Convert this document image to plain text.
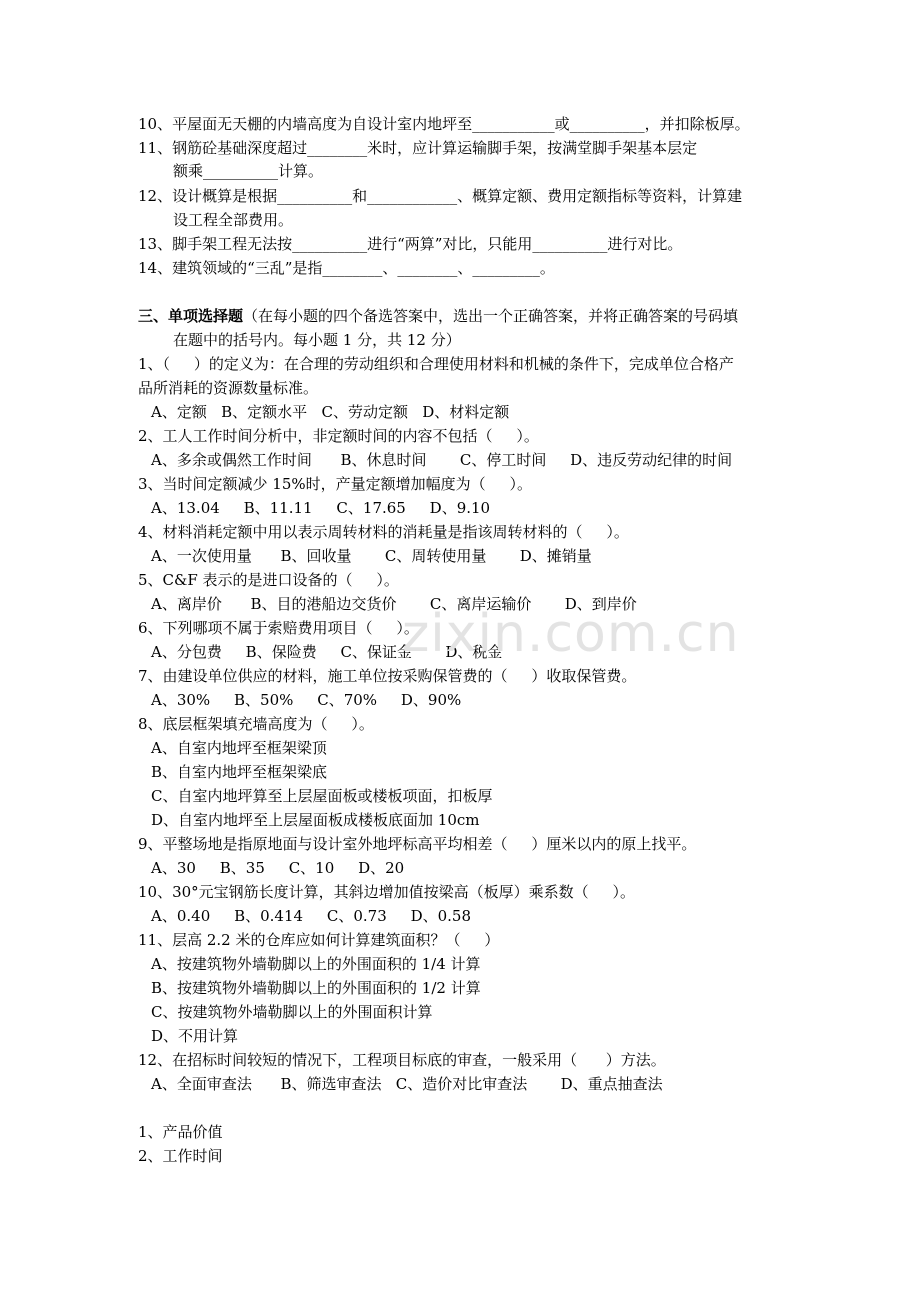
10、平屋面无天棚的内墙高度为自设计室内地坪至___________或__________，并扣除板厚。
11、钢筋砼基础深度超过________米时，应计算运输脚手架，按满堂脚手架基本层定
额乘__________计算。
12、设计概算是根据__________和____________、概算定额、费用定额指标等资料，计算建
设工程全部费用。
13、脚手架工程无法按__________进行“两算”对比，只能用__________进行对比。
14、建筑领域的“三乱”是指________、________、_________。
三、单项选择题（在每小题的四个备选答案中，选出一个正确答案，并将正确答案的号码填
在题中的括号内。每小题 1 分，共 12 分）
1、（     ）的定义为：在合理的劳动组织和合理使用材料和机械的条件下，完成单位合格产
品所消耗的资源数量标准。
A、定额   B、定额水平   C、劳动定额   D、材料定额
2、工人工作时间分析中，非定额时间的内容不包括（     ）。
A、多余或偶然工作时间      B、休息时间       C、停工时间     D、违反劳动纪律的时间
3、当时间定额减少 15%时，产量定额增加幅度为（     ）。
A、13.04     B、11.11     C、17.65     D、9.10
4、材料消耗定额中用以表示周转材料的消耗量是指该周转材料的（     ）。
A、一次使用量      B、回收量       C、周转使用量       D、摊销量
5、C&F 表示的是进口设备的（     ）。
A、离岸价      B、目的港船边交货价       C、离岸运输价       D、到岸价
6、下列哪项不属于索赔费用项目（     ）。
A、分包费     B、保险费     C、保证金       D、税金
7、由建设单位供应的材料，施工单位按采购保管费的（     ）收取保管费。
A、30%     B、50%     C、70%     D、90%
8、底层框架填充墙高度为（     ）。
A、自室内地坪至框架梁顶
B、自室内地坪至框架梁底
C、自室内地坪算至上层屋面板或楼板项面，扣板厚
D、自室内地坪至上层屋面板成楼板底面加 10cm
9、平整场地是指原地面与设计室外地坪标高平均相差（     ）厘米以内的原上找平。
A、30     B、35     C、10     D、20
10、30°元宝钢筋长度计算，其斜边增加值按梁高（板厚）乘系数（     ）。
A、0.40     B、0.414     C、0.73     D、0.58
11、层高 2.2 米的仓库应如何计算建筑面积？（     ）
A、按建筑物外墙勒脚以上的外围面积的 1/4 计算
B、按建筑物外墙勒脚以上的外围面积的 1/2 计算
C、按建筑物外墙勒脚以上的外围面积计算
D、不用计算
12、在招标时间较短的情况下，工程项目标底的审查，一般采用（      ）方法。
A、全面审查法      B、筛选审查法   C、造价对比审查法       D、重点抽查法
1、产品价值
2、工作时间
zixin.com.cn
